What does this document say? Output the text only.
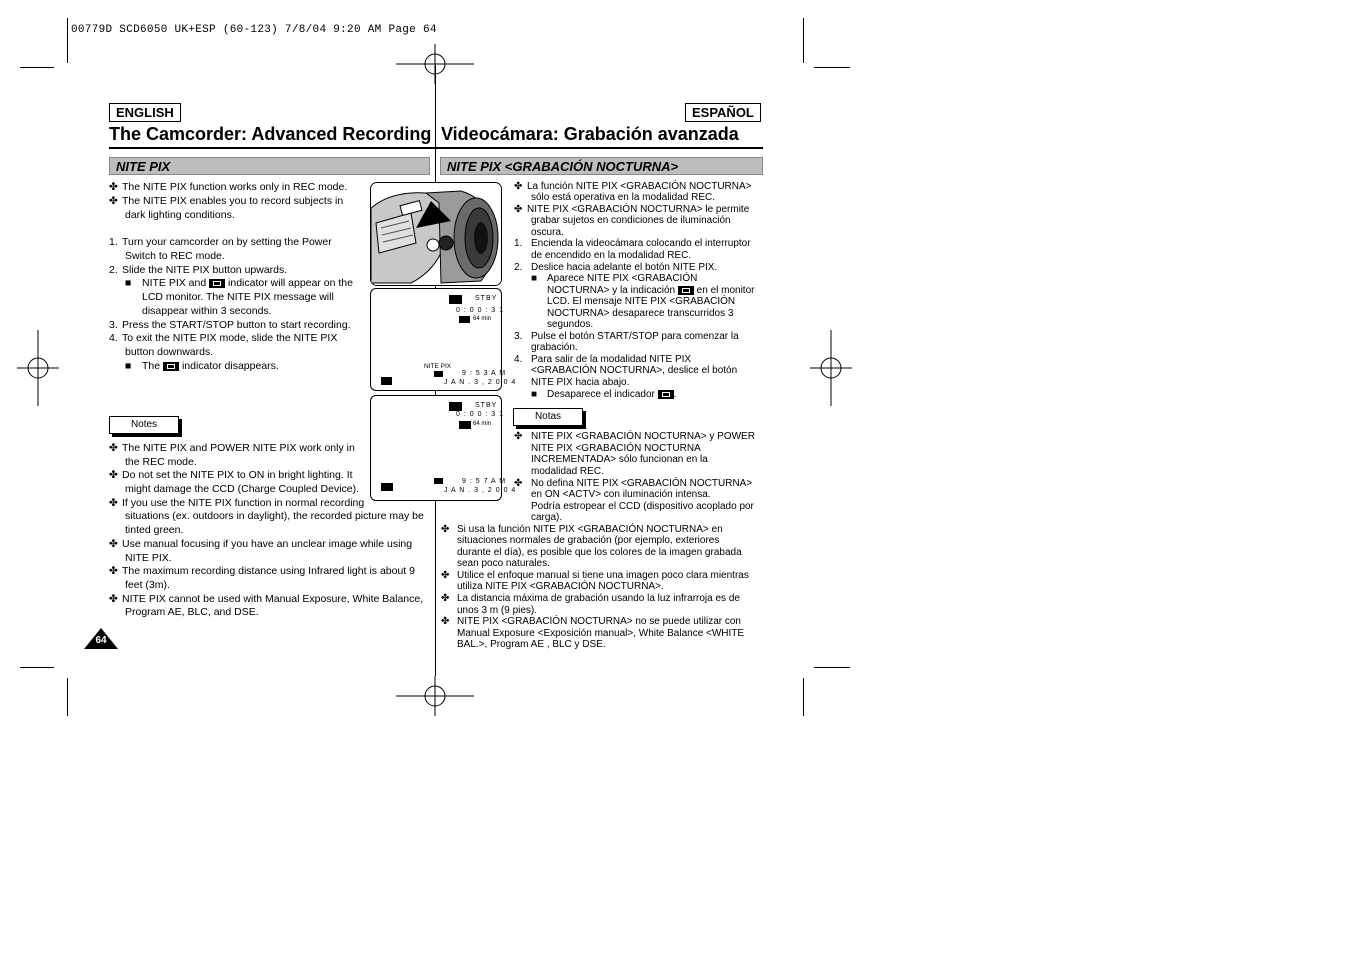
00779D SCD6050 UK+ESP (60-123) 7/8/04 9:20 AM Page 64
ENGLISH	ESPAÑOL
The Camcorder: Advanced Recording Videocámara: Grabación avanzada
NITE PIX	NITE PIX <GRABACIÓN NOCTURNA>
✤ The NITE PIX function works only in REC mode.
✤ The NITE PIX enables you to record subjects in
dark lighting conditions.
1. Turn your camcorder on by setting the Power
Switch to REC mode.
2. Slide the NITE PIX button upwards.
■ NITE PIX and indicator will appear on the
LCD monitor. The NITE PIX message will
disappear within 3 seconds.
3. Press the START/STOP button to start recording.
4. To exit the NITE PIX mode, slide the NITE PIX
button downwards.
■ The indicator disappears.
Notes
✤ The NITE PIX and POWER NITE PIX work only in
the REC mode.
✤ Do not set the NITE PIX to ON in bright lighting. It
might damage the CCD (Charge Coupled Device).
✤ If you use the NITE PIX function in normal recording
situations (ex. outdoors in daylight), the recorded picture may be
tinted green.
✤ Use manual focusing if you have an unclear image while using
NITE PIX.
✤ The maximum recording distance using Infrared light is about 9
feet (3m).
✤ NITE PIX cannot be used with Manual Exposure, White Balance,
Program AE, BLC, and DSE.
64
STBY
0 : 0 0 : 3 1
64 min
NITE PIX
9 : 5 3 A M
J A N . 3 , 2 0 0 4
STBY
0 : 0 0 : 3 1
64 min
9 : 5 7 A M
J A N . 3 , 2 0 0 4
✤ La función NITE PIX <GRABACIÓN NOCTURNA>
sólo está operativa en la modalidad REC.
✤ NITE PIX <GRABACIÓN NOCTURNA> le permite
grabar sujetos en condiciones de iluminación
oscura.
1. Encienda la videocámara colocando el interruptor
de encendido en la modalidad REC.
2. Deslice hacia adelante el botón NITE PIX.
■ Aparece NITE PIX <GRABACIÓN
NOCTURNA> y la indicación en el monitor
LCD. El mensaje NITE PIX <GRABACIÓN
NOCTURNA> desaparece transcurridos 3
segundos.
3. Pulse el botón START/STOP para comenzar la
grabación.
4. Para salir de la modalidad NITE PIX
<GRABACIÓN NOCTURNA>, deslice el botón
NITE PIX hacia abajo.
■ Desaparece el indicador .
Notas
✤ NITE PIX <GRABACIÓN NOCTURNA> y POWER
NITE PIX <GRABACIÓN NOCTURNA
INCREMENTADA> sólo funcionan en la
modalidad REC.
✤ No defina NITE PIX <GRABACIÓN NOCTURNA>
en ON <ACTV> con iluminación intensa.
Podría estropear el CCD (dispositivo acoplado por
carga).
✤ Si usa la función NITE PIX <GRABACIÓN NOCTURNA> en
situaciones normales de grabación (por ejemplo, exteriores
durante el día), es posible que los colores de la imagen grabada
sean poco naturales.
✤ Utilice el enfoque manual si tiene una imagen poco clara mientras
utiliza NITE PIX <GRABACIÓN NOCTURNA>.
✤ La distancia máxima de grabación usando la luz infrarroja es de
unos 3 m (9 pies).
✤ NITE PIX <GRABACIÓN NOCTURNA> no se puede utilizar con
Manual Exposure <Exposición manual>, White Balance <WHITE
BAL.>, Program AE , BLC y DSE.
